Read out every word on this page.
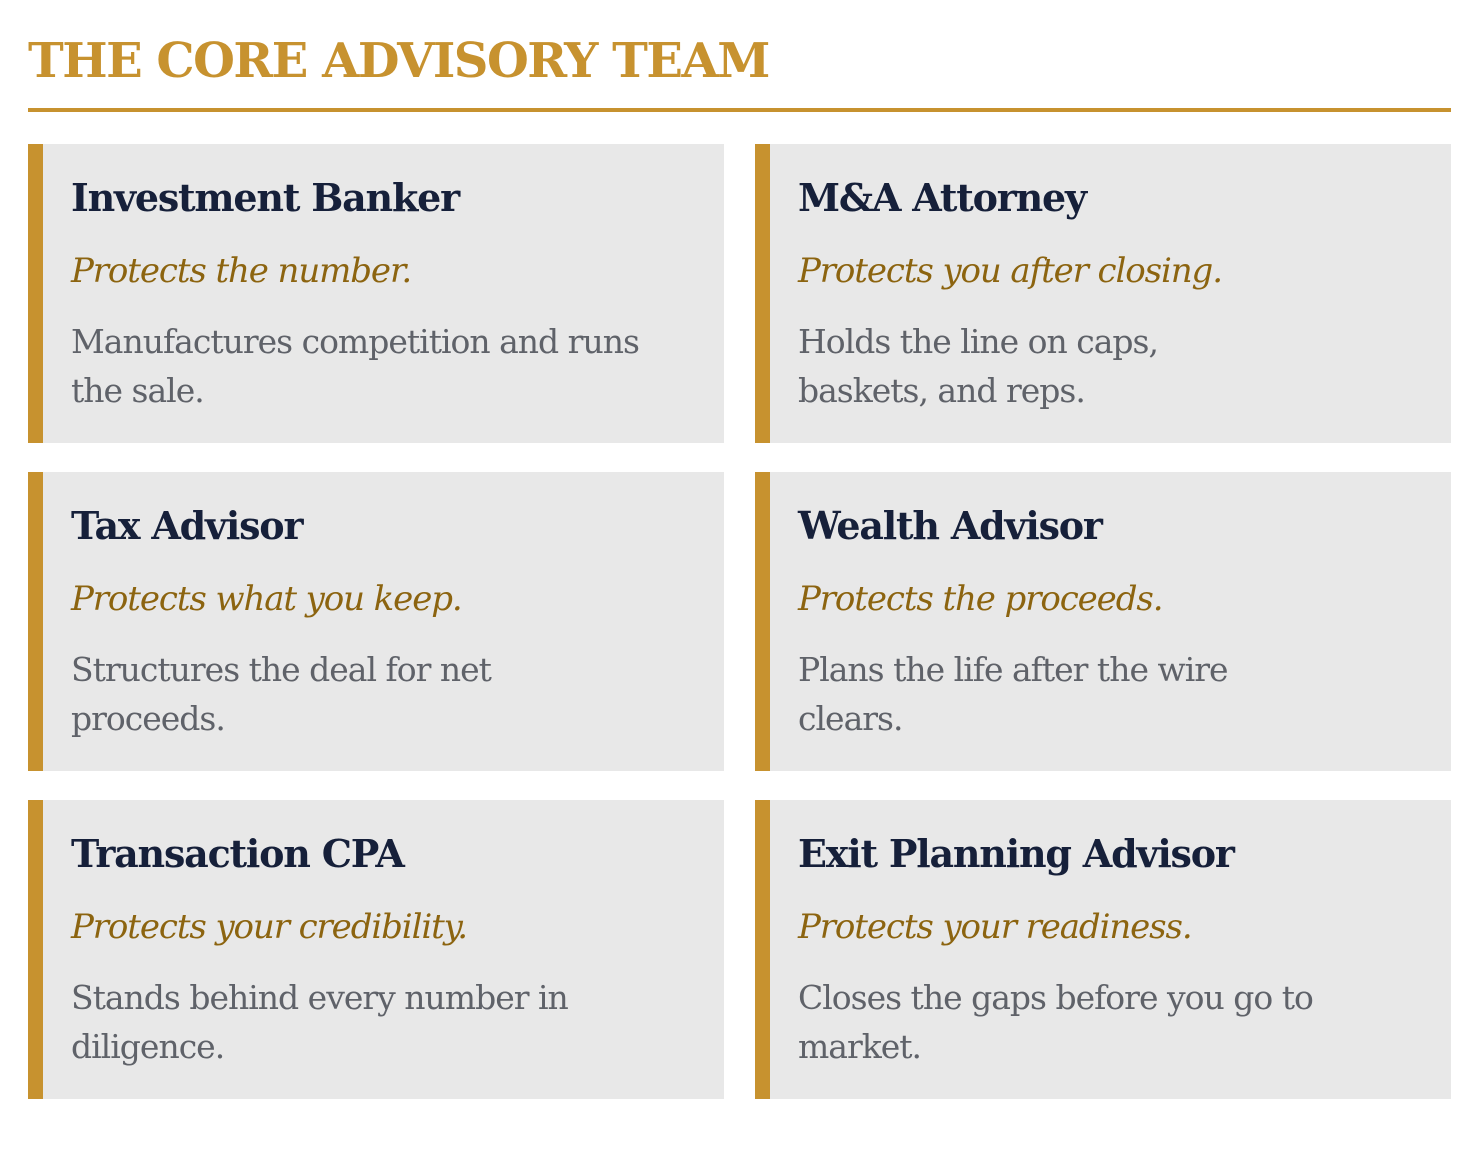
THE CORE ADVISORY TEAM
Investment Banker

Protects the number.

Manufactures competition and runs the sale.

M&A Attorney

Protects you after closing.

Holds the line on caps, baskets, and reps.

Tax Advisor

Protects what you keep.

Structures the deal for net proceeds.

Wealth Advisor

Protects the proceeds.

Plans the life after the wire clears.

Transaction CPA

Protects your credibility.

Stands behind every number in diligence.

Exit Planning Advisor

Protects your readiness.

Closes the gaps before you go to market.
